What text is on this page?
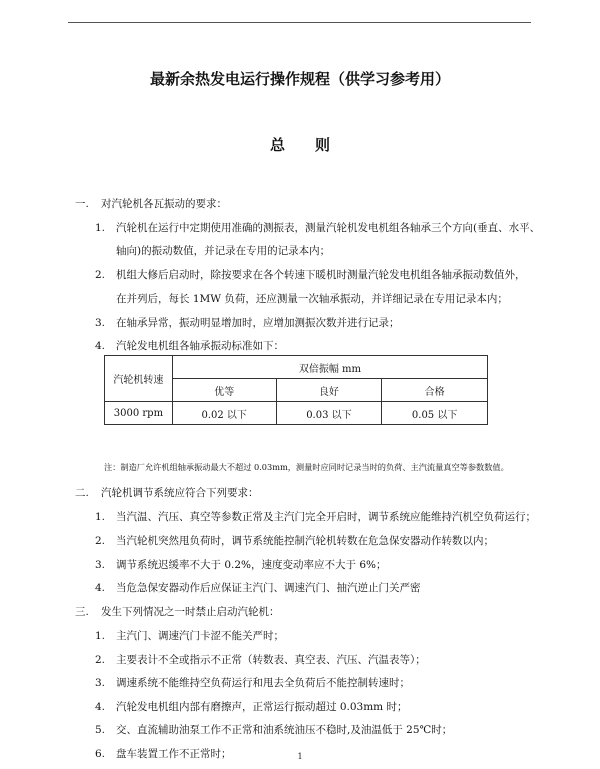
最新余热发电运行操作规程（供学习参考用）
总则
一. 对汽轮机各瓦振动的要求：
1. 汽轮机在运行中定期使用准确的测振表，测量汽轮机发电机组各轴承三个方向(垂直、水平、
轴向)的振动数值，并记录在专用的记录本内；
2. 机组大修后启动时，除按要求在各个转速下暖机时测量汽轮发电机组各轴承振动数值外，
在并列后，每长 1MW 负荷，还应测量一次轴承振动，并详细记录在专用记录本内；
3. 在轴承异常，振动明显增加时，应增加测振次数并进行记录；
4. 汽轮发电机组各轴承振动标准如下：
汽轮机转速	双倍振幅 mm		
	优等	良好	合格
3000 rpm	0.02 以下	0.03 以下	0.05 以下
注：制造厂允许机组轴承振动最大不超过 0.03mm，测量时应同时记录当时的负荷、主汽流量真空等参数数值。
二. 汽轮机调节系统应符合下列要求：
1. 当汽温、汽压、真空等参数正常及主汽门完全开启时，调节系统应能维持汽机空负荷运行；
2. 当汽轮机突然甩负荷时，调节系统能控制汽轮机转数在危急保安器动作转数以内；
3. 调节系统迟缓率不大于 0.2%，速度变动率应不大于 6%；
4. 当危急保安器动作后应保证主汽门、调速汽门、抽汽逆止门关严密
三. 发生下列情况之一时禁止启动汽轮机：
1. 主汽门、调速汽门卡涩不能关严时；
2. 主要表计不全或指示不正常（转数表、真空表、汽压、汽温表等）；
3. 调速系统不能维持空负荷运行和甩去全负荷后不能控制转速时；
4. 汽轮发电机组内部有磨擦声，正常运行振动超过 0.03mm 时；
5. 交、直流辅助油泵工作不正常和油系统油压不稳时,及油温低于 25℃时；
6. 盘车装置工作不正常时；	1
